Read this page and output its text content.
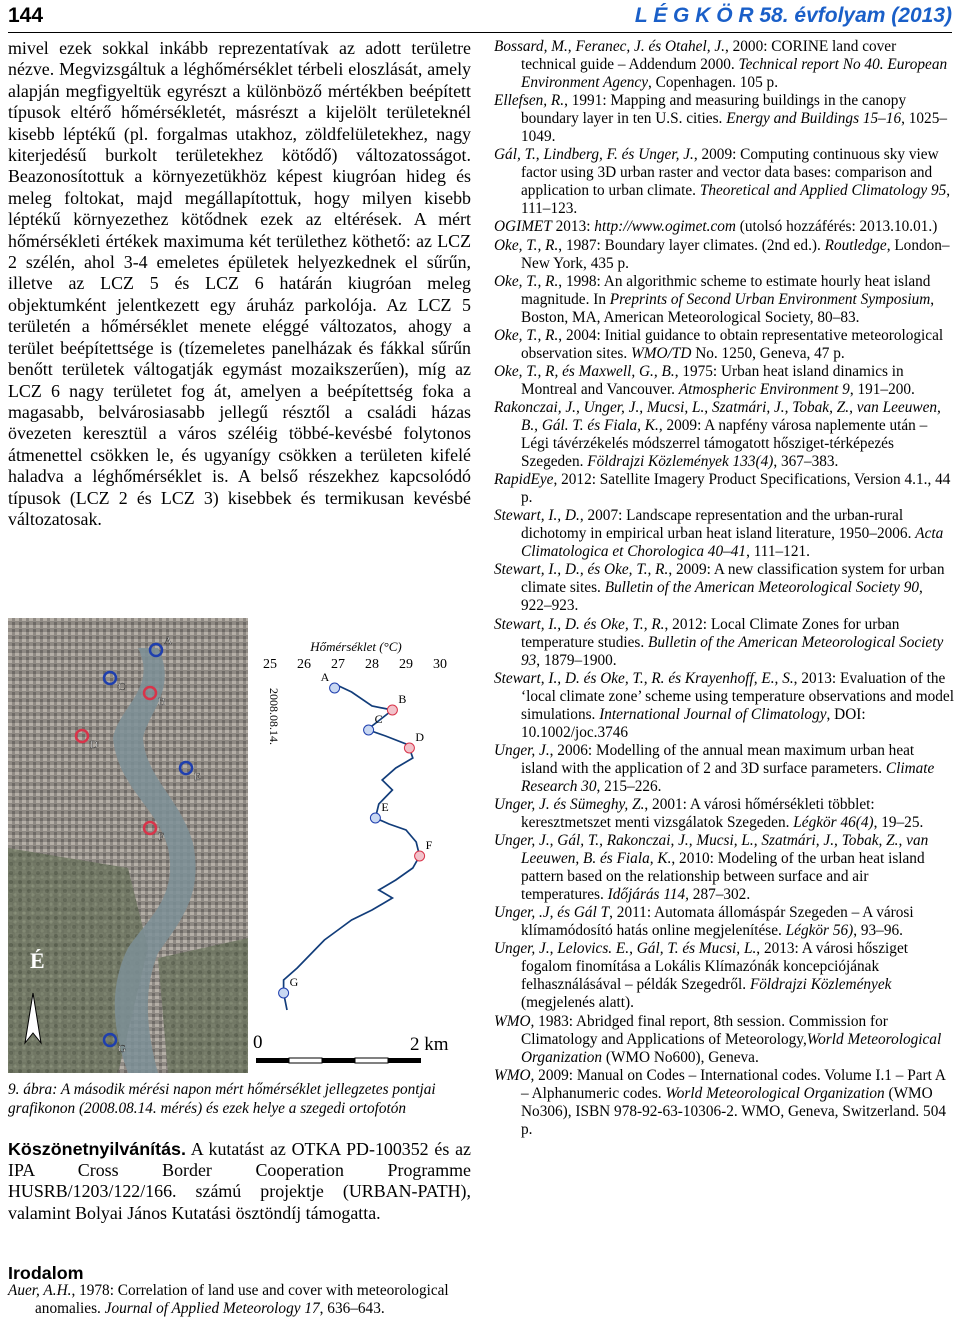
144	L É G K Ö R 58. évfolyam (2013)

mivel ezek sokkal inkább reprezentatívak az adott területre nézve. Megvizsgáltuk a léghőmérséklet térbeli eloszlását, amely alapján megfigyeltük egyrészt a különböző mértékben beépített típusok eltérő hőmérsékletét, másrészt a kijelölt területeknél kisebb léptékű (pl. forgalmas utakhoz, zöldfelületekhez, nagy kiterjedésű burkolt területekhez kötődő) változatosságot. Beazonosítottuk a környezetükhöz képest kiugróan hideg és meleg foltokat, majd megállapítottuk, hogy milyen kisebb léptékű környezethez kötődnek ezek az eltérések. A mért hőmérsékleti értékek maximuma két területhez köthető: az LCZ 2 szélén, ahol 3-4 emeletes épületek helyezkednek el sűrűn, illetve az LCZ 5 és LCZ 6 határán kiugróan meleg objektumként jelentkezett egy áruház parkolója. Az LCZ 5 területén a hőmérséklet menete eléggé változatos, ahogy a terület beépítettsége is (tízemeletes panelházak és fákkal sűrűn benőtt területek váltogatják egymást mozaikszerűen), míg az LCZ 6 nagy területet fog át, amelyen a beépítettség foka a magasabb, belvárosiasabb jellegű résztől a családi házas övezeten keresztül a város széléig többé-kevésbé folytonos átmenettel csökken le, és ugyanígy csökken a területen kifelé haladva a léghőmérséklet is. A belső részekhez kapcsolódó típusok (LCZ 2 és LCZ 3) kisebbek és termikusan kevésbé változatosak.

É
A
B
C
D
E
F
G
Hőmérséklet (°C)
25 26 27 28 29 30
2008.08.14.
A
B
C
D
E
F
G
0	2 km
9. ábra: A második mérési napon mért hőmérséklet jellegzetes pontjai grafikonon (2008.08.14. mérés) és ezek helye a szegedi ortofotón
Köszönetnyilvánítás. A kutatást az OTKA PD-100352 és az IPA Cross Border Cooperation Programme HUSRB/1203/122/166. számú projektje (URBAN-PATH), valamint Bolyai János Kutatási ösztöndíj támogatta.
Irodalom

Auer, A.H., 1978: Correlation of land use and cover with meteorological anomalies. Journal of Applied Meteorology 17, 636–643.

Bossard, M., Feranec, J. és Otahel, J., 2000: CORINE land cover technical guide – Addendum 2000. Technical report No 40. European Environment Agency, Copenhagen. 105 p.

Ellefsen, R., 1991: Mapping and measuring buildings in the canopy boundary layer in ten U.S. cities. Energy and Buildings 15–16, 1025–1049.

Gál, T., Lindberg, F. és Unger, J., 2009: Computing continuous sky view factor using 3D urban raster and vector data bases: comparison and application to urban climate. Theoretical and Applied Climatology 95, 111–123.

OGIMET 2013: http://www.ogimet.com (utolsó hozzáférés: 2013.10.01.)

Oke, T., R., 1987: Boundary layer climates. (2nd ed.). Routledge, London–New York, 435 p.

Oke, T., R., 1998: An algorithmic scheme to estimate hourly heat island magnitude. In Preprints of Second Urban Environment Symposium, Boston, MA, American Meteorological Society, 80–83.

Oke, T., R., 2004: Initial guidance to obtain representative meteorological observation sites. WMO/TD No. 1250, Geneva, 47 p.

Oke, T., R, és Maxwell, G., B., 1975: Urban heat island dinamics in Montreal and Vancouver. Atmospheric Environment 9, 191–200.

Rakonczai, J., Unger, J., Mucsi, L., Szatmári, J., Tobak, Z., van Leeuwen, B., Gál. T. és Fiala, K., 2009: A napfény városa naplemente után – Légi távérzékelés módszerrel támogatott hősziget-térképezés Szegeden. Földrajzi Közlemények 133(4), 367–383.

RapidEye, 2012: Satellite Imagery Product Specifications, Version 4.1., 44 p.

Stewart, I., D., 2007: Landscape representation and the urban-rural dichotomy in empirical urban heat island literature, 1950–2006. Acta Climatologica et Chorologica 40–41, 111–121.

Stewart, I., D., és Oke, T., R., 2009: A new classification system for urban climate sites. Bulletin of the American Meteorological Society 90, 922–923.

Stewart, I., D. és Oke, T., R., 2012: Local Climate Zones for urban temperature studies. Bulletin of the American Meteorological Society 93, 1879–1900.

Stewart, I., D. és Oke, T., R. és Krayenhoff, E., S., 2013: Evaluation of the ‘local climate zone’ scheme using temperature observations and model simulations. International Journal of Climatology, DOI: 10.1002/joc.3746

Unger, J., 2006: Modelling of the annual mean maximum urban heat island with the application of 2 and 3D surface parameters. Climate Research 30, 215–226.

Unger, J. és Sümeghy, Z., 2001: A városi hőmérsékleti többlet: keresztmetszet menti vizsgálatok Szegeden. Légkör 46(4), 19–25.

Unger, J., Gál, T., Rakonczai, J., Mucsi, L., Szatmári, J., Tobak, Z., van Leeuwen, B. és Fiala, K., 2010: Modeling of the urban heat island pattern based on the relationship between surface and air temperatures. Időjárás 114, 287–302.

Unger, .J, és Gál T, 2011: Automata állomáspár Szegeden – A városi klímamódosító hatás online megjelenítése. Légkör 56), 93–96.

Unger, J., Lelovics. E., Gál, T. és Mucsi, L., 2013: A városi hősziget fogalom finomítása a Lokális Klímazónák koncepciójának felhasználásával – példák Szegedről. Földrajzi Közlemények (megjelenés alatt).

WMO, 1983: Abridged final report, 8th session. Commission for Climatology and Applications of Meteorology,World Meteorological Organization (WMO No600), Geneva.

WMO, 2009: Manual on Codes – International codes. Volume I.1 – Part A – Alphanumeric codes. World Meteorological Organization (WMO No306), ISBN 978-92-63-10306-2. WMO, Geneva, Switzerland. 504 p.
